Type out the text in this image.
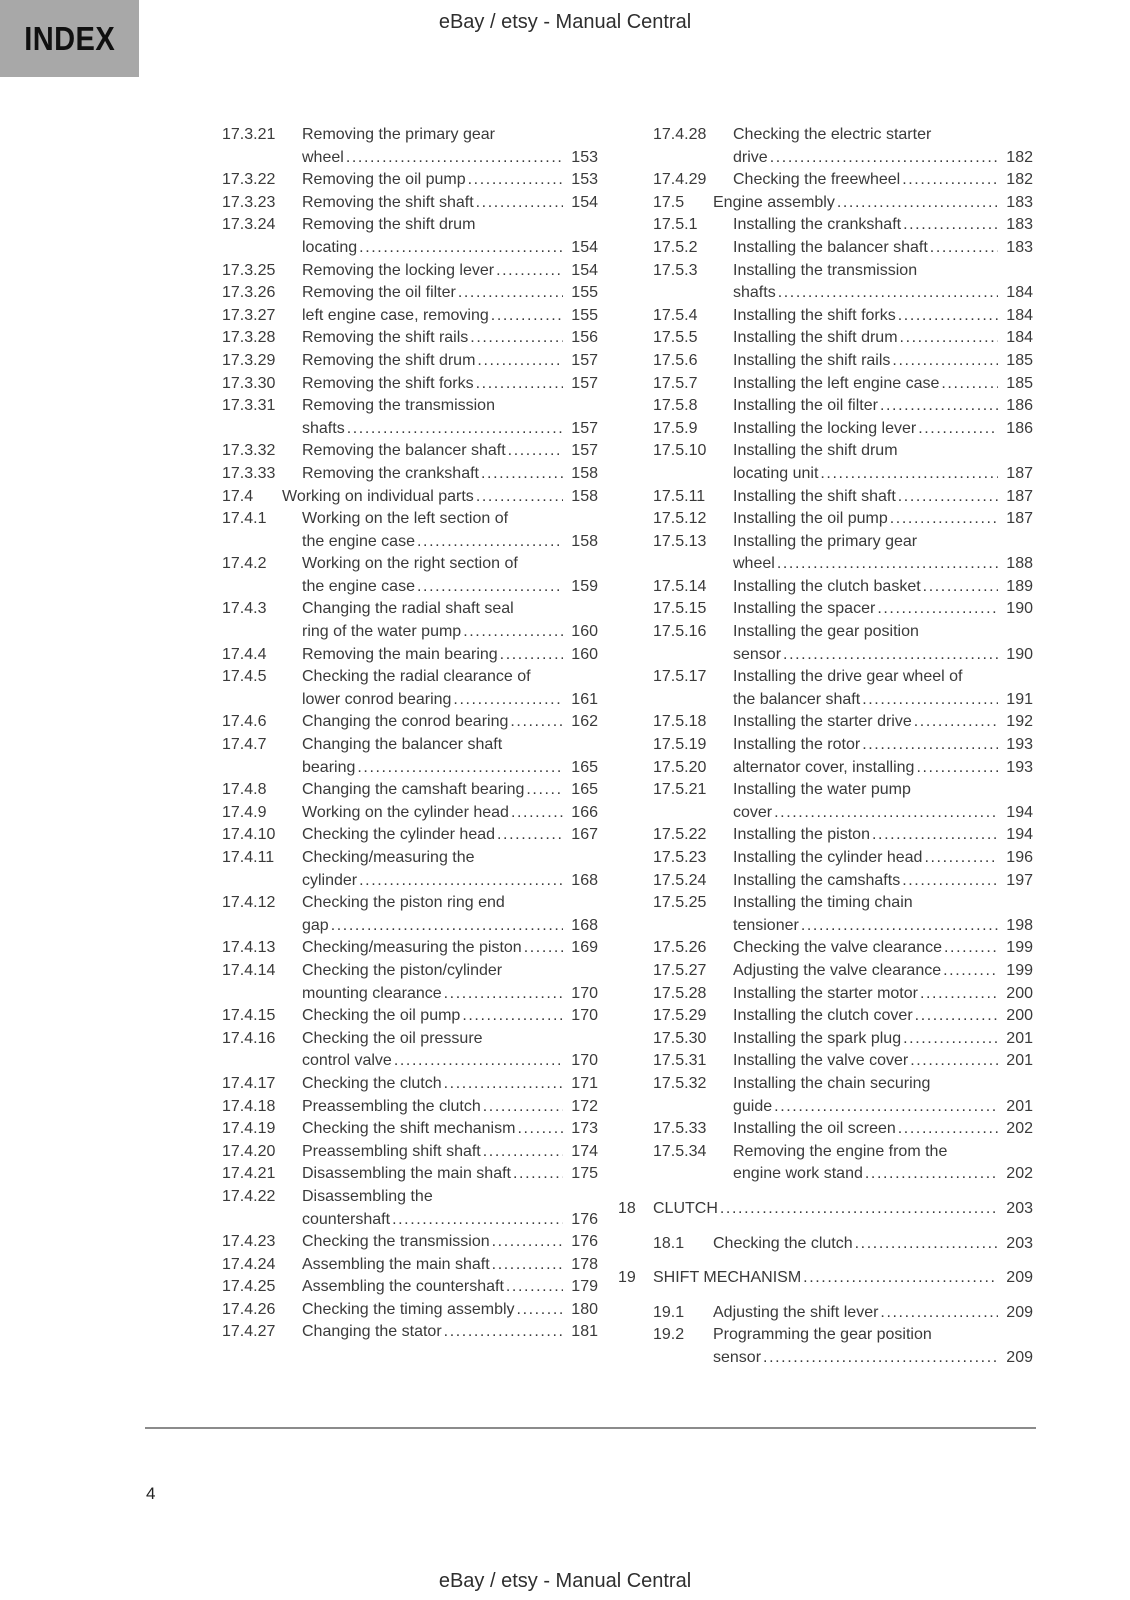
INDEX	eBay / etsy - Manual Central
17.3.21	Removing the primary gear
wheel .....	153
17.3.22	Removing the oil pump .....	153
17.3.23	Removing the shift shaft .....	154
17.3.24	Removing the shift drum
locating .....	154
17.3.25	Removing the locking lever .....	154
17.3.26	Removing the oil filter .....	155
17.3.27	left engine case, removing .....	155
17.3.28	Removing the shift rails .....	156
17.3.29	Removing the shift drum .....	157
17.3.30	Removing the shift forks .....	157
17.3.31	Removing the transmission
shafts .....	157
17.3.32	Removing the balancer shaft .....	157
17.3.33	Removing the crankshaft .....	158
17.4	Working on individual parts .....	158
17.4.1	Working on the left section of
the engine case .....	158
17.4.2	Working on the right section of
the engine case .....	159
17.4.3	Changing the radial shaft seal
ring of the water pump .....	160
17.4.4	Removing the main bearing .....	160
17.4.5	Checking the radial clearance of
lower conrod bearing .....	161
17.4.6	Changing the conrod bearing .....	162
17.4.7	Changing the balancer shaft
bearing .....	165
17.4.8	Changing the camshaft bearing .....	165
17.4.9	Working on the cylinder head .....	166
17.4.10	Checking the cylinder head .....	167
17.4.11	Checking/measuring the
cylinder .....	168
17.4.12	Checking the piston ring end
gap .....	168
17.4.13	Checking/measuring the piston .....	169
17.4.14	Checking the piston/cylinder
mounting clearance .....	170
17.4.15	Checking the oil pump .....	170
17.4.16	Checking the oil pressure
control valve .....	170
17.4.17	Checking the clutch .....	171
17.4.18	Preassembling the clutch .....	172
17.4.19	Checking the shift mechanism .....	173
17.4.20	Preassembling shift shaft .....	174
17.4.21	Disassembling the main shaft .....	175
17.4.22	Disassembling the
countershaft .....	176
17.4.23	Checking the transmission .....	176
17.4.24	Assembling the main shaft .....	178
17.4.25	Assembling the countershaft .....	179
17.4.26	Checking the timing assembly .....	180
17.4.27	Changing the stator .....	181
17.4.28	Checking the electric starter
drive .....	182
17.4.29	Checking the freewheel .....	182
17.5	Engine assembly .....	183
17.5.1	Installing the crankshaft .....	183
17.5.2	Installing the balancer shaft .....	183
17.5.3	Installing the transmission
shafts .....	184
17.5.4	Installing the shift forks .....	184
17.5.5	Installing the shift drum .....	184
17.5.6	Installing the shift rails .....	185
17.5.7	Installing the left engine case .....	185
17.5.8	Installing the oil filter .....	186
17.5.9	Installing the locking lever .....	186
17.5.10	Installing the shift drum
locating unit .....	187
17.5.11	Installing the shift shaft .....	187
17.5.12	Installing the oil pump .....	187
17.5.13	Installing the primary gear
wheel .....	188
17.5.14	Installing the clutch basket .....	189
17.5.15	Installing the spacer .....	190
17.5.16	Installing the gear position
sensor .....	190
17.5.17	Installing the drive gear wheel of
the balancer shaft .....	191
17.5.18	Installing the starter drive .....	192
17.5.19	Installing the rotor .....	193
17.5.20	alternator cover, installing .....	193
17.5.21	Installing the water pump
cover .....	194
17.5.22	Installing the piston .....	194
17.5.23	Installing the cylinder head .....	196
17.5.24	Installing the camshafts .....	197
17.5.25	Installing the timing chain
tensioner .....	198
17.5.26	Checking the valve clearance .....	199
17.5.27	Adjusting the valve clearance .....	199
17.5.28	Installing the starter motor .....	200
17.5.29	Installing the clutch cover .....	200
17.5.30	Installing the spark plug .....	201
17.5.31	Installing the valve cover .....	201
17.5.32	Installing the chain securing
guide .....	201
17.5.33	Installing the oil screen .....	202
17.5.34	Removing the engine from the
engine work stand .....	202
18	CLUTCH .....	203
18.1	Checking the clutch .....	203
19	SHIFT MECHANISM .....	209
19.1	Adjusting the shift lever .....	209
19.2	Programming the gear position
sensor .....	209
4
eBay / etsy - Manual Central
